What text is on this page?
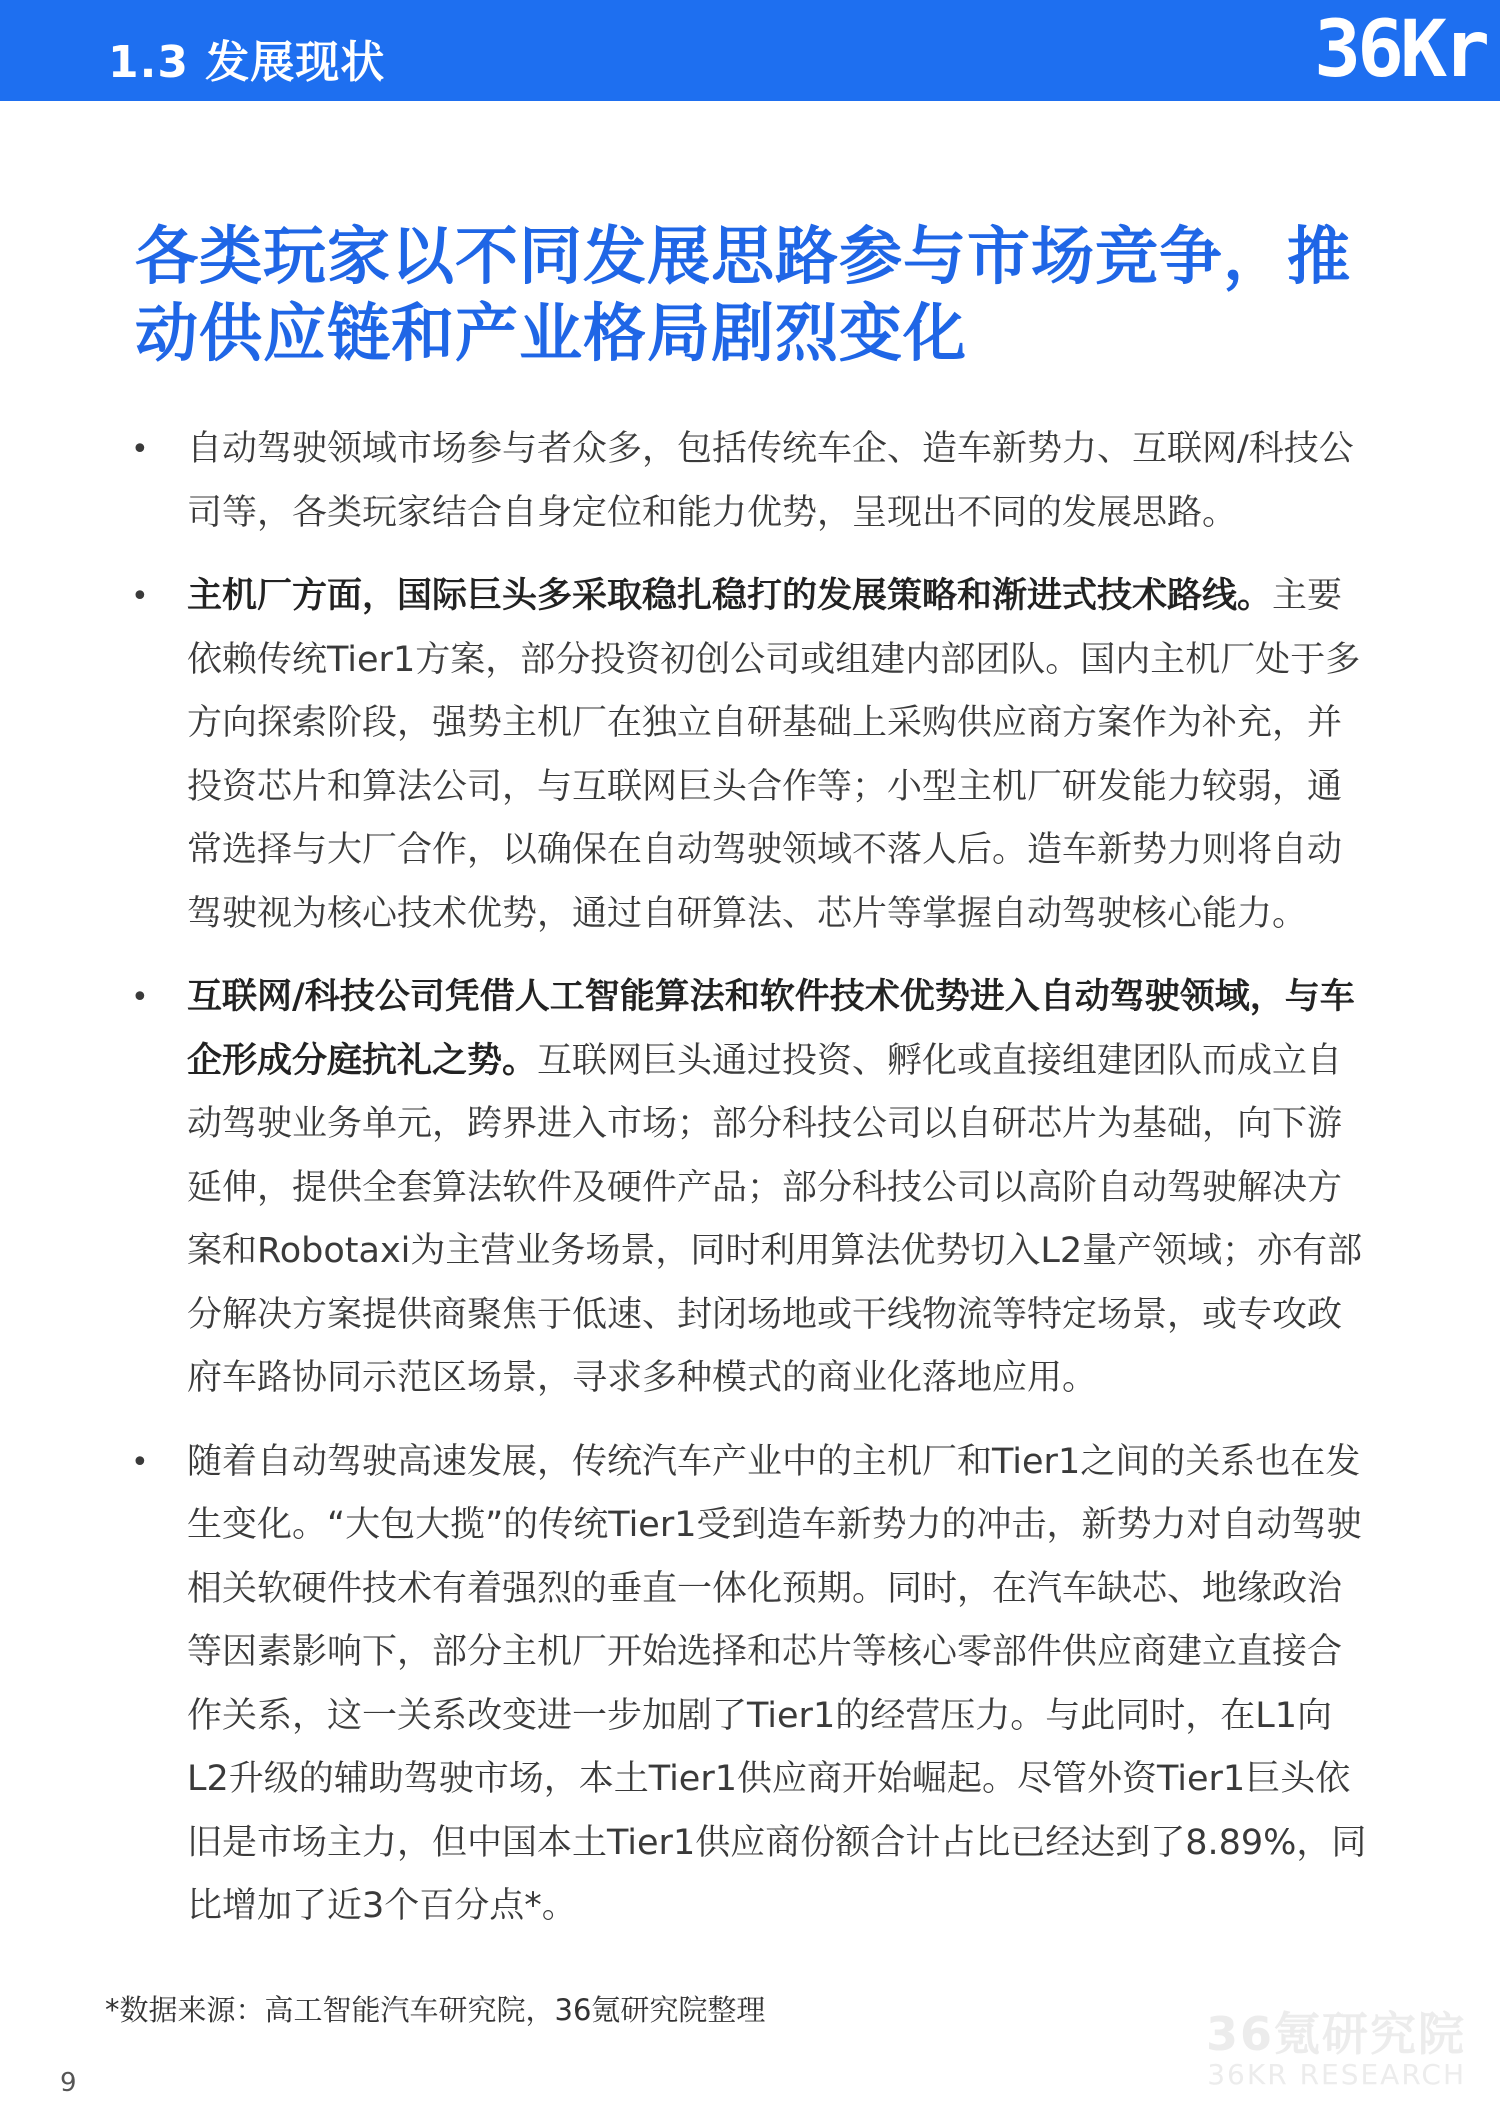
1.3 发展现状	36Kr
各类玩家以不同发展思路参与市场竞争，推动供应链和产业格局剧烈变化
• 自动驾驶领域市场参与者众多，包括传统车企、造车新势力、互联网/科技公司等，各类玩家结合自身定位和能力优势，呈现出不同的发展思路。
• 主机厂方面，国际巨头多采取稳扎稳打的发展策略和渐进式技术路线。主要依赖传统Tier1方案，部分投资初创公司或组建内部团队。国内主机厂处于多方向探索阶段，强势主机厂在独立自研基础上采购供应商方案作为补充，并投资芯片和算法公司，与互联网巨头合作等；小型主机厂研发能力较弱，通常选择与大厂合作，以确保在自动驾驶领域不落人后。造车新势力则将自动驾驶视为核心技术优势，通过自研算法、芯片等掌握自动驾驶核心能力。
• 互联网/科技公司凭借人工智能算法和软件技术优势进入自动驾驶领域，与车企形成分庭抗礼之势。互联网巨头通过投资、孵化或直接组建团队而成立自动驾驶业务单元，跨界进入市场；部分科技公司以自研芯片为基础，向下游延伸，提供全套算法软件及硬件产品；部分科技公司以高阶自动驾驶解决方案和Robotaxi为主营业务场景，同时利用算法优势切入L2量产领域；亦有部分解决方案提供商聚焦于低速、封闭场地或干线物流等特定场景，或专攻政府车路协同示范区场景，寻求多种模式的商业化落地应用。
• 随着自动驾驶高速发展，传统汽车产业中的主机厂和Tier1之间的关系也在发生变化。“大包大揽”的传统Tier1受到造车新势力的冲击，新势力对自动驾驶相关软硬件技术有着强烈的垂直一体化预期。同时，在汽车缺芯、地缘政治等因素影响下，部分主机厂开始选择和芯片等核心零部件供应商建立直接合作关系，这一关系改变进一步加剧了Tier1的经营压力。与此同时，在L1向L2升级的辅助驾驶市场，本土Tier1供应商开始崛起。尽管外资Tier1巨头依旧是市场主力，但中国本土Tier1供应商份额合计占比已经达到了8.89%，同比增加了近3个百分点*。
*数据来源：高工智能汽车研究院，36氪研究院整理
9
36氪研究院
36KR RESEARCH
